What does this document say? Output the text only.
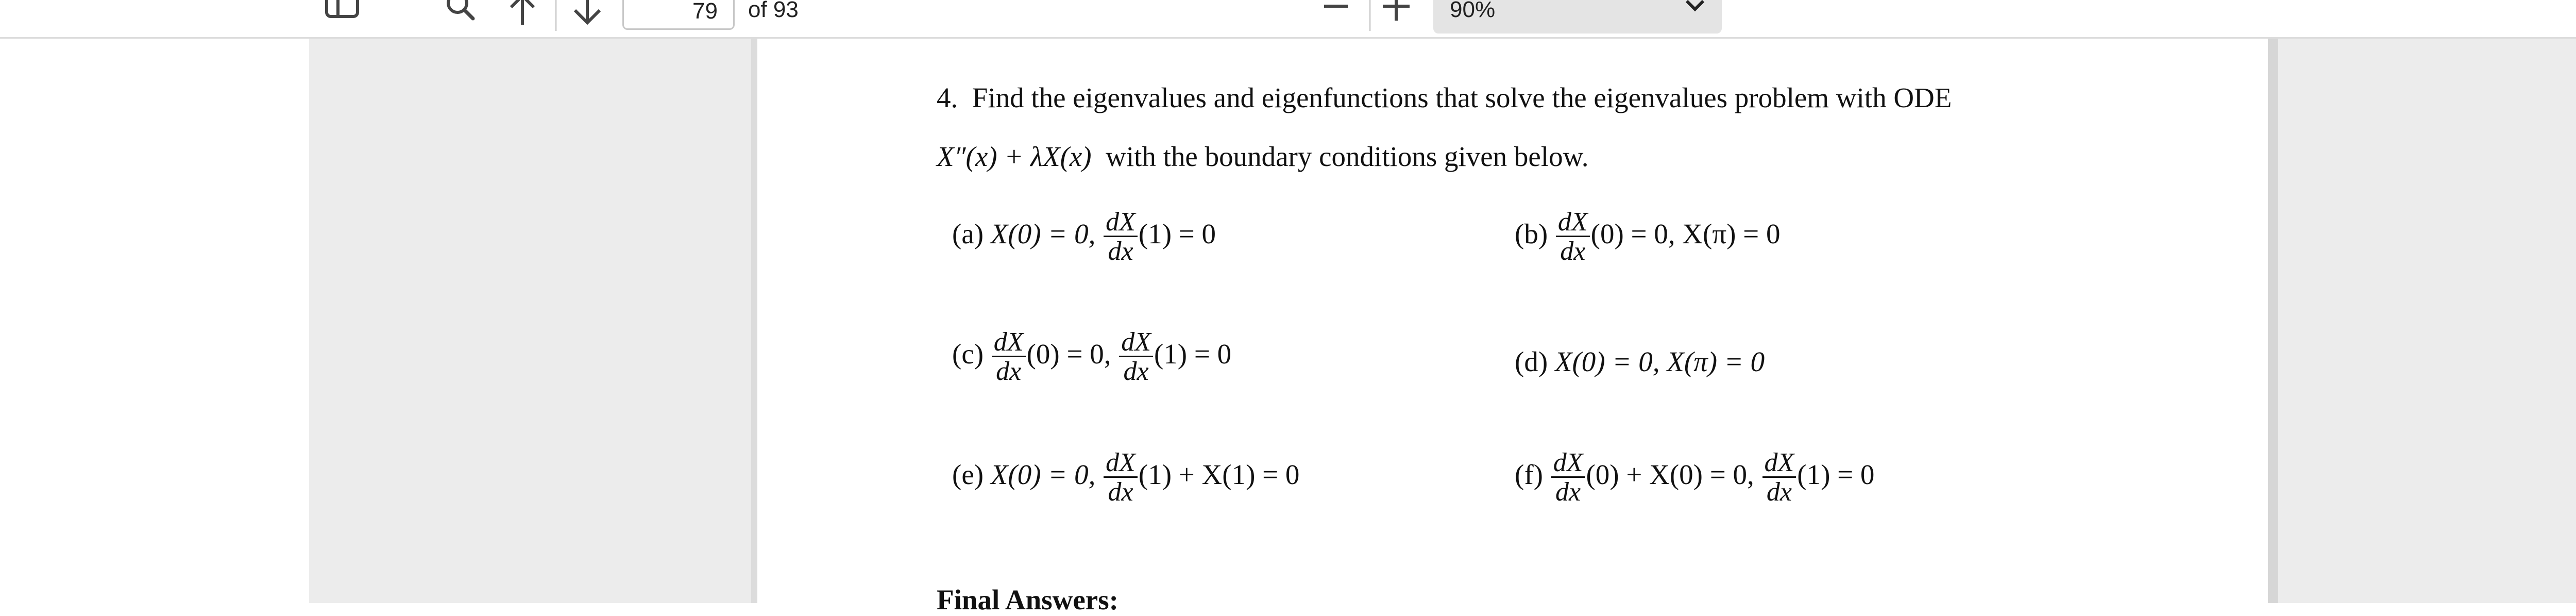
79 of 93	90%
4. Find the eigenvalues and eigenfunctions that solve the eigenvalues problem with ODE
X″(x) + λX(x) with the boundary conditions given below.
(a) X(0) = 0, $\frac{dX}{dx} (1) = 0$	$(b) \frac{dX}{dx} (0) = 0$, X(π) = 0
$(c) \frac{dX}{dx} (0) = 0$, $\frac{dX}{dx} (1) = 0$	(d) X(0) = 0, X(π) = 0
(e) X(0) = 0, $\frac{dX}{dx} (1) + X(1) = 0$	$(f) \frac{dX}{dx} (0) + X(0) = 0$, $\frac{dX}{dx} (1) = 0$
Final Answers:
